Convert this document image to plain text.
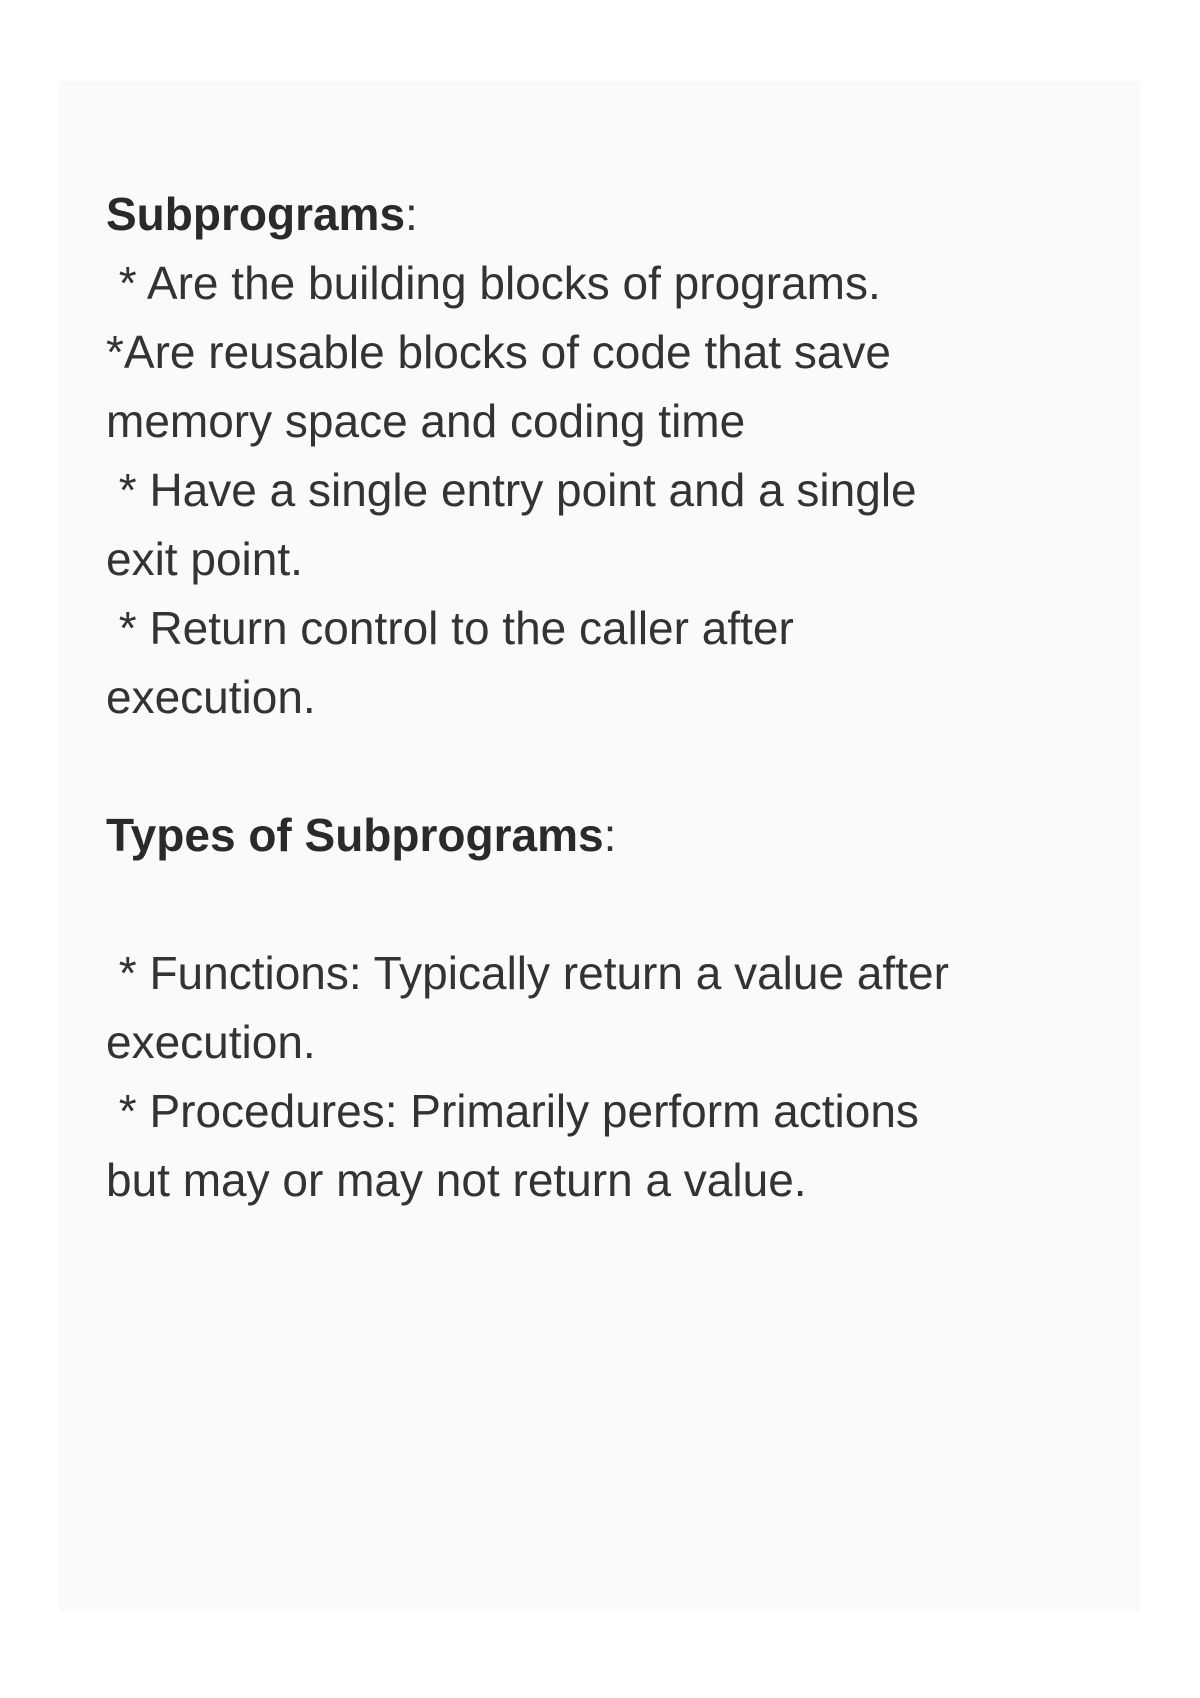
Subprograms:
* Are the building blocks of programs.
*Are reusable blocks of code that save
memory space and coding time
* Have a single entry point and a single
exit point.
* Return control to the caller after
execution.
Types of Subprograms:
* Functions: Typically return a value after
execution.
* Procedures: Primarily perform actions
but may or may not return a value.
